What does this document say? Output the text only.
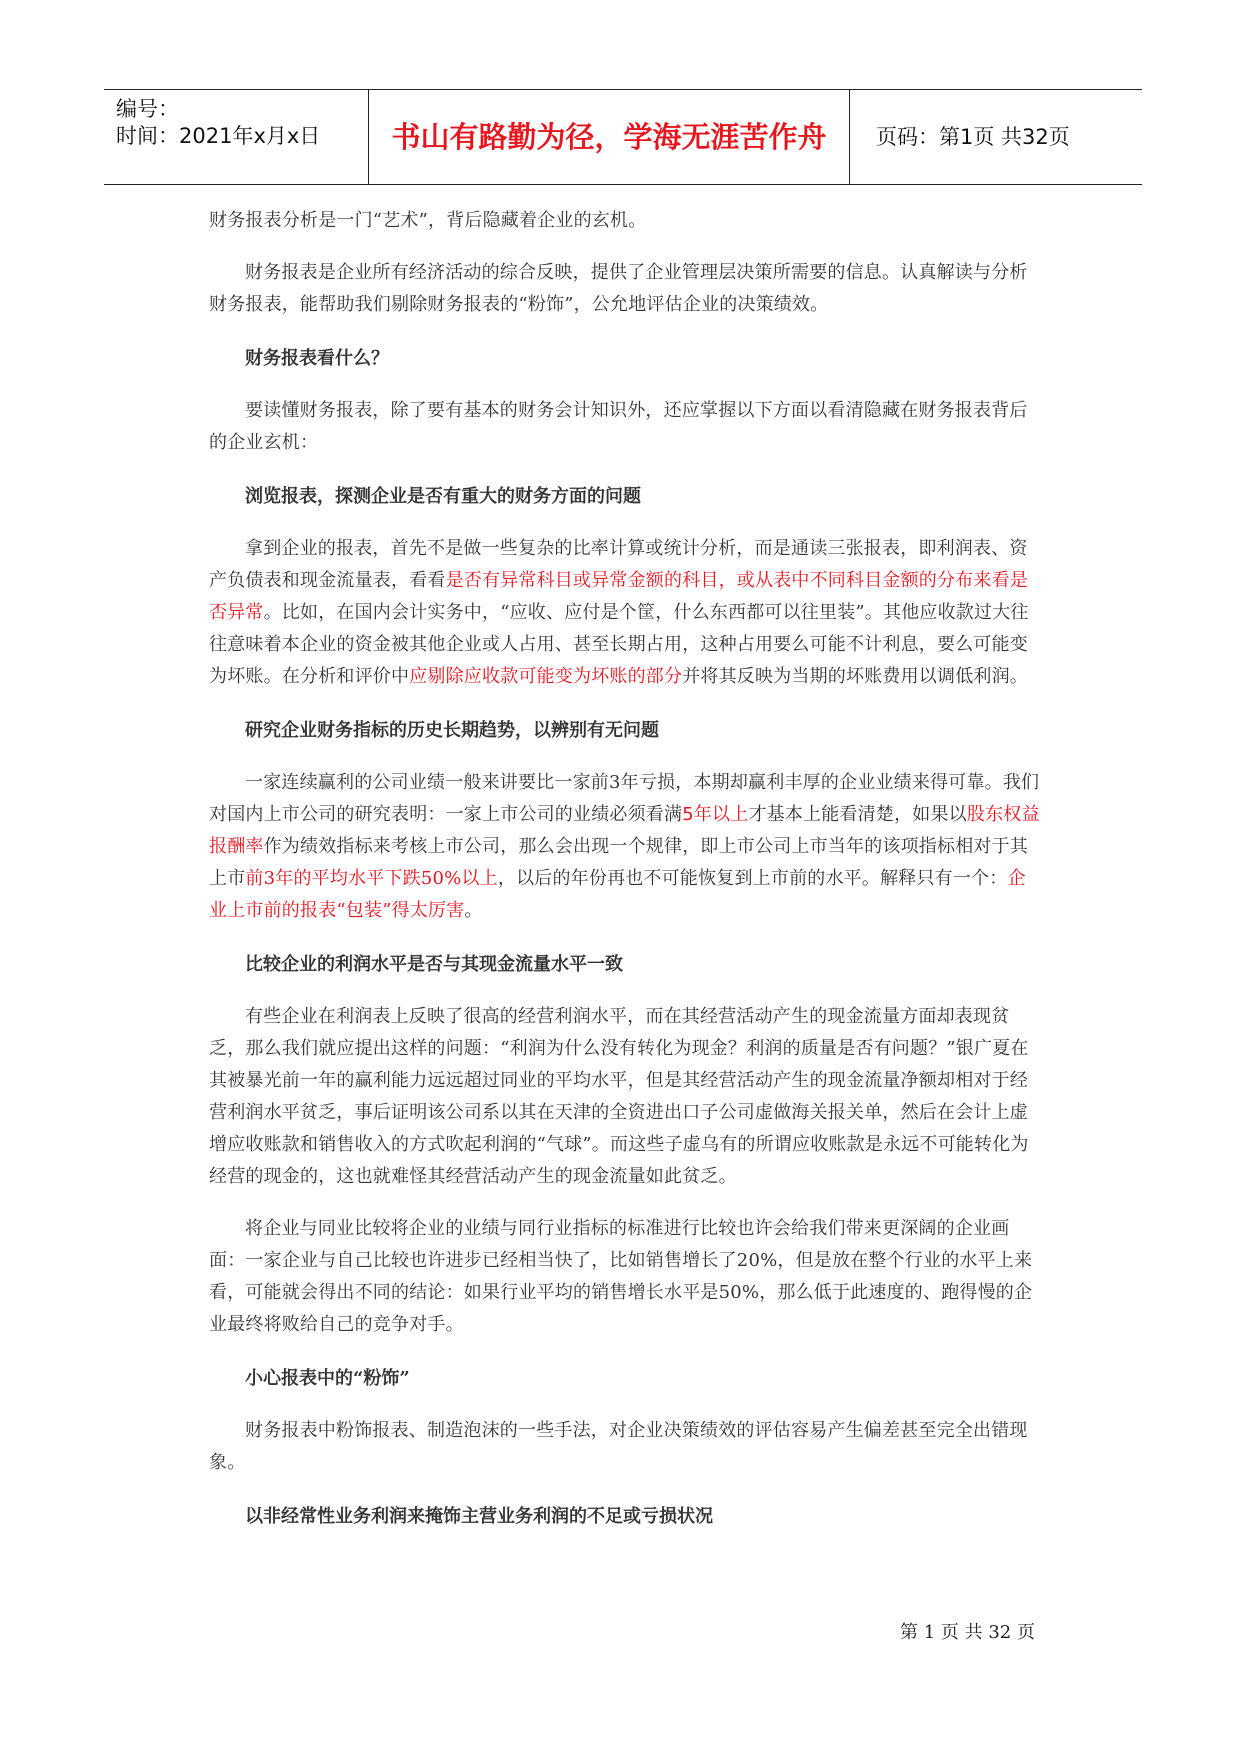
编号：
时间：2021年x月x日	书山有路勤为径，学海无涯苦作舟	页码：第1页 共32页

财务报表分析是一门“艺术”，背后隐藏着企业的玄机。

财务报表是企业所有经济活动的综合反映，提供了企业管理层决策所需要的信息。认真解读与分析财务报表，能帮助我们剔除财务报表的“粉饰”，公允地评估企业的决策绩效。

财务报表看什么？

要读懂财务报表，除了要有基本的财务会计知识外，还应掌握以下方面以看清隐藏在财务报表背后的企业玄机：

浏览报表，探测企业是否有重大的财务方面的问题

拿到企业的报表，首先不是做一些复杂的比率计算或统计分析，而是通读三张报表，即利润表、资产负债表和现金流量表，看看是否有异常科目或异常金额的科目，或从表中不同科目金额的分布来看是否异常。比如，在国内会计实务中，“应收、应付是个筐，什么东西都可以往里装”。其他应收款过大往往意味着本企业的资金被其他企业或人占用、甚至长期占用，这种占用要么可能不计利息，要么可能变为坏账。在分析和评价中应剔除应收款可能变为坏账的部分并将其反映为当期的坏账费用以调低利润。

研究企业财务指标的历史长期趋势，以辨别有无问题

一家连续赢利的公司业绩一般来讲要比一家前3年亏损，本期却赢利丰厚的企业业绩来得可靠。我们对国内上市公司的研究表明：一家上市公司的业绩必须看满5年以上才基本上能看清楚，如果以股东权益报酬率作为绩效指标来考核上市公司，那么会出现一个规律，即上市公司上市当年的该项指标相对于其上市前3年的平均水平下跌50%以上，以后的年份再也不可能恢复到上市前的水平。解释只有一个：企业上市前的报表“包装”得太厉害。

比较企业的利润水平是否与其现金流量水平一致

有些企业在利润表上反映了很高的经营利润水平，而在其经营活动产生的现金流量方面却表现贫乏，那么我们就应提出这样的问题：“利润为什么没有转化为现金？利润的质量是否有问题？”银广夏在其被暴光前一年的赢利能力远远超过同业的平均水平，但是其经营活动产生的现金流量净额却相对于经营利润水平贫乏，事后证明该公司系以其在天津的全资进出口子公司虚做海关报关单，然后在会计上虚增应收账款和销售收入的方式吹起利润的“气球”。而这些子虚乌有的所谓应收账款是永远不可能转化为经营的现金的，这也就难怪其经营活动产生的现金流量如此贫乏。

将企业与同业比较将企业的业绩与同行业指标的标准进行比较也许会给我们带来更深阔的企业画面：一家企业与自己比较也许进步已经相当快了，比如销售增长了20%，但是放在整个行业的水平上来看，可能就会得出不同的结论：如果行业平均的销售增长水平是50%，那么低于此速度的、跑得慢的企业最终将败给自己的竞争对手。

小心报表中的“粉饰”

财务报表中粉饰报表、制造泡沫的一些手法，对企业决策绩效的评估容易产生偏差甚至完全出错现象。

以非经常性业务利润来掩饰主营业务利润的不足或亏损状况

第 1 页 共 32 页
